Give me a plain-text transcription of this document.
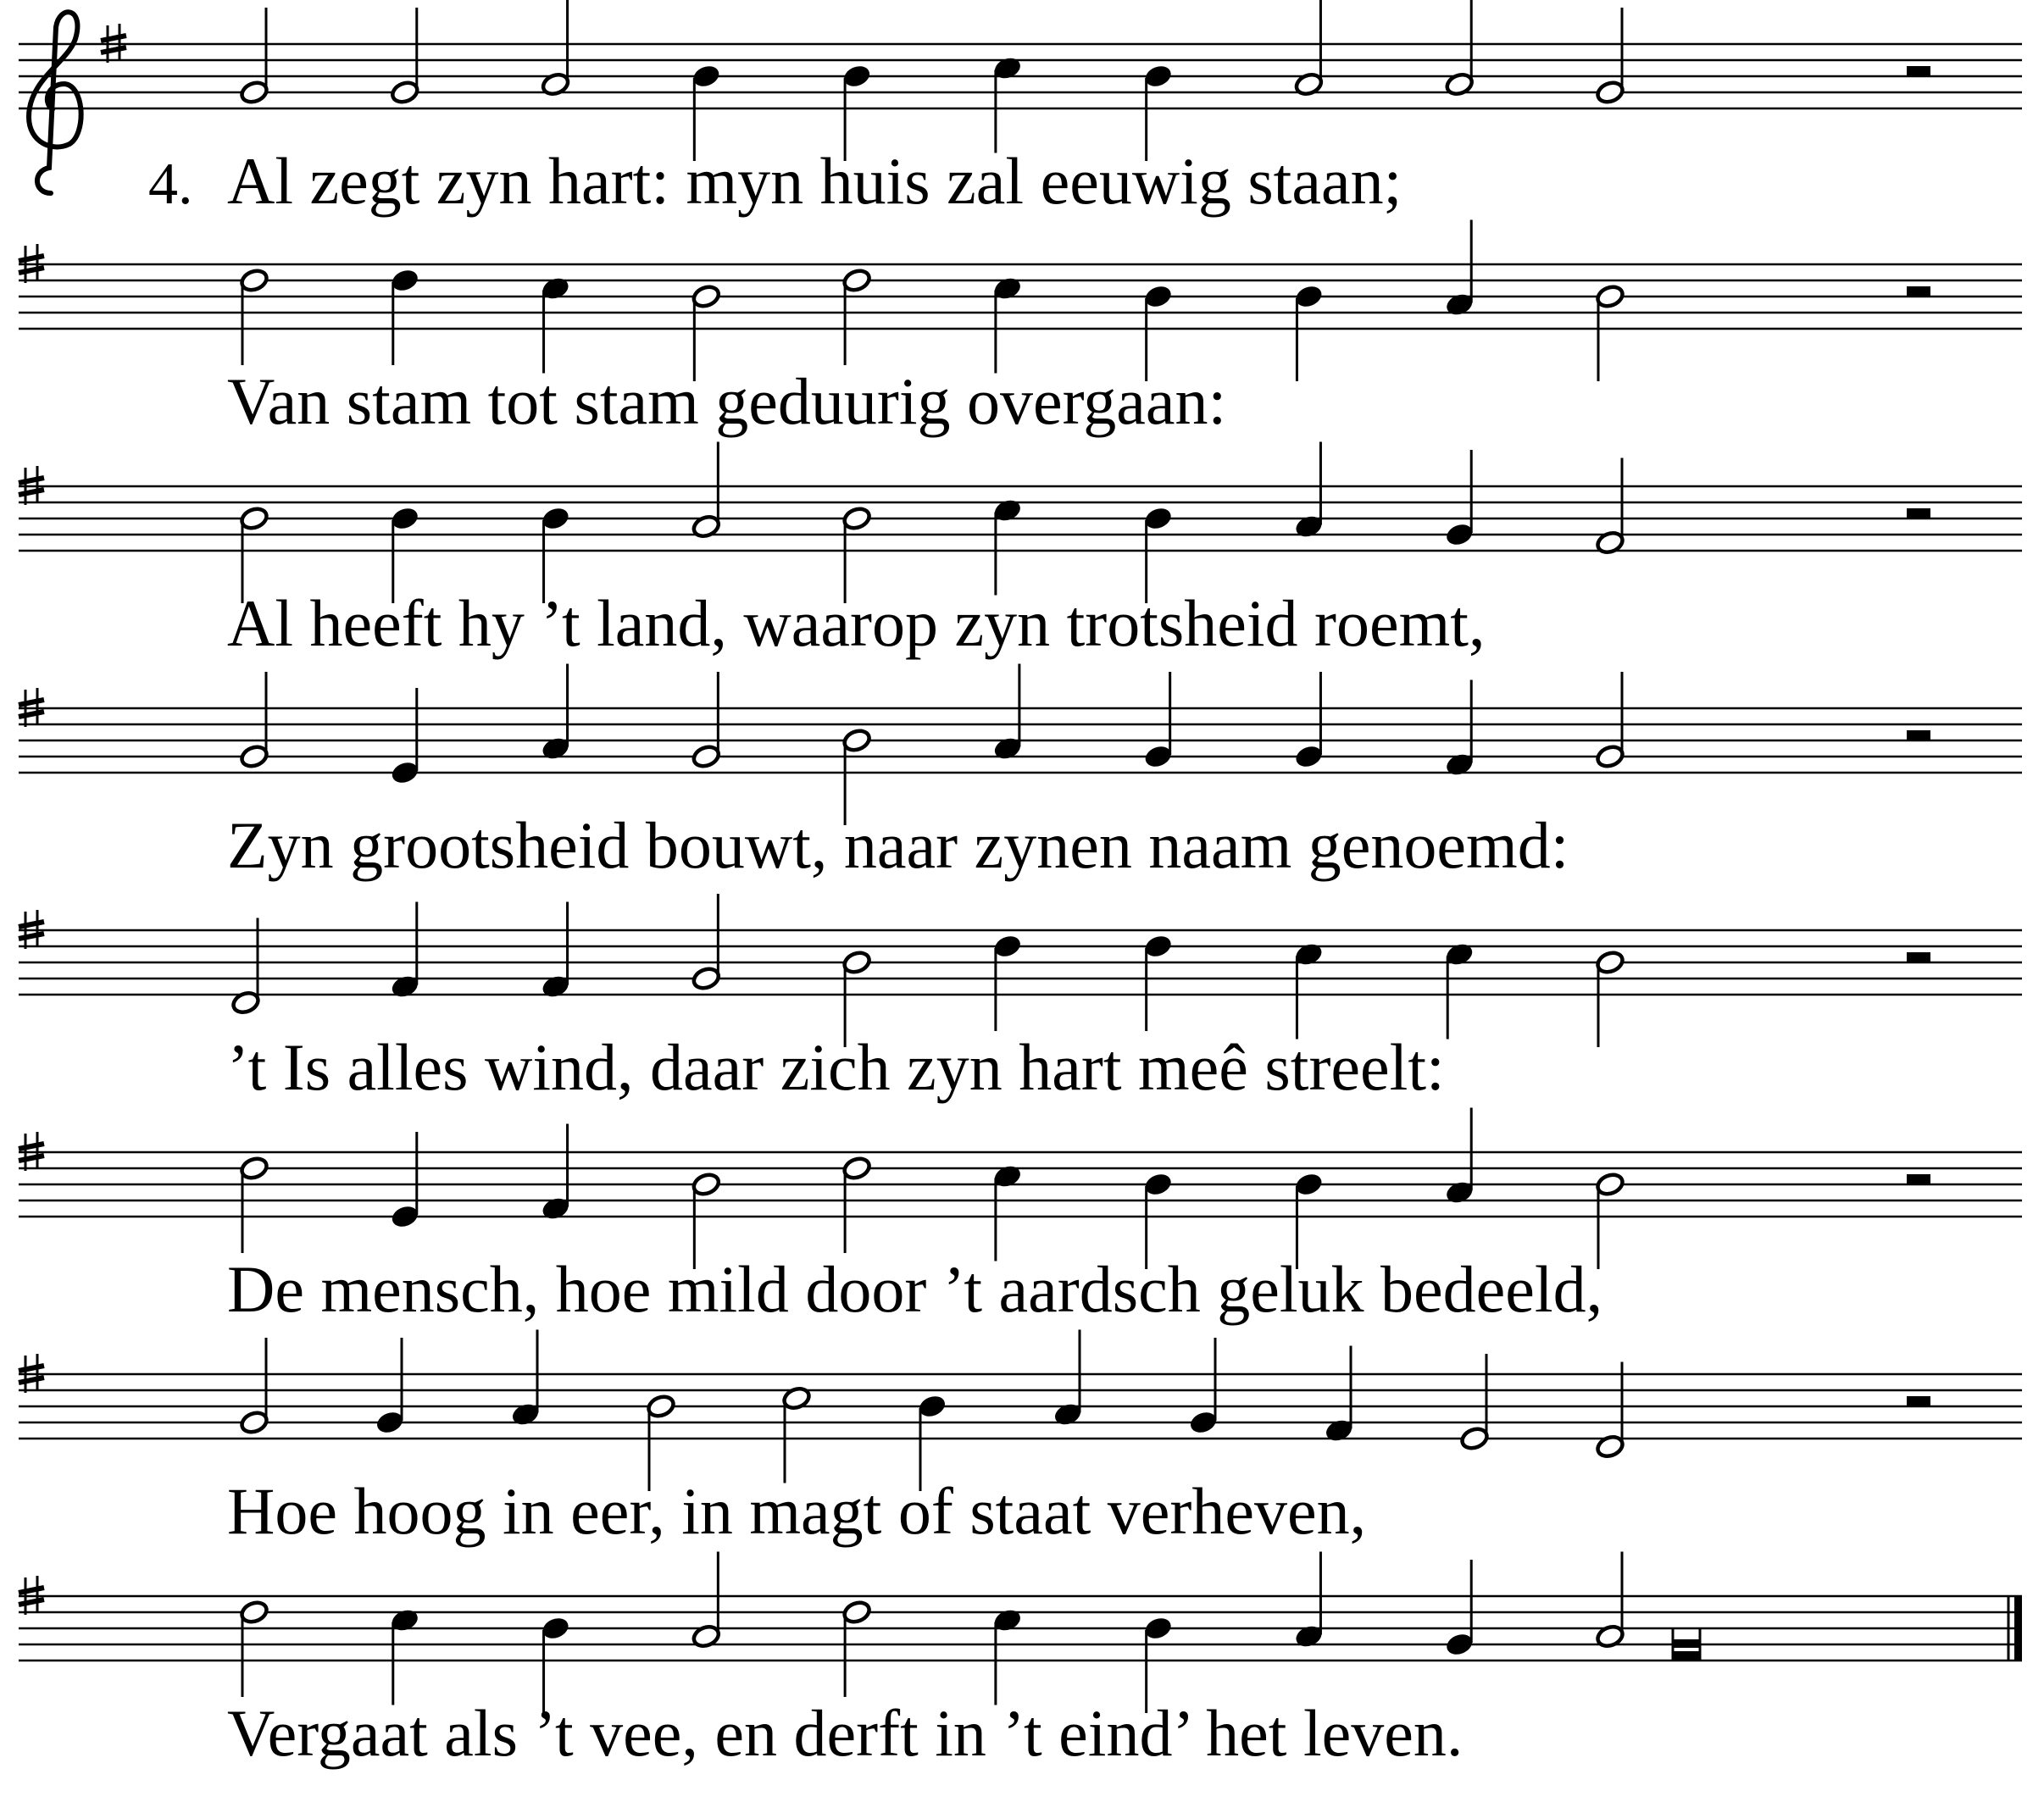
4. Al zegt zyn hart: myn huis zal eeuwig staan;
Van stam tot stam geduurig overgaan:
Al heeft hy ’t land, waarop zyn trotsheid roemt,
Zyn grootsheid bouwt, naar zynen naam genoemd:
’t Is alles wind, daar zich zyn hart meê streelt:
De mensch, hoe mild door ’t aardsch geluk bedeeld,
Hoe hoog in eer, in magt of staat verheven,
Vergaat als ’t vee, en derft in ’t eind’ het leven.
